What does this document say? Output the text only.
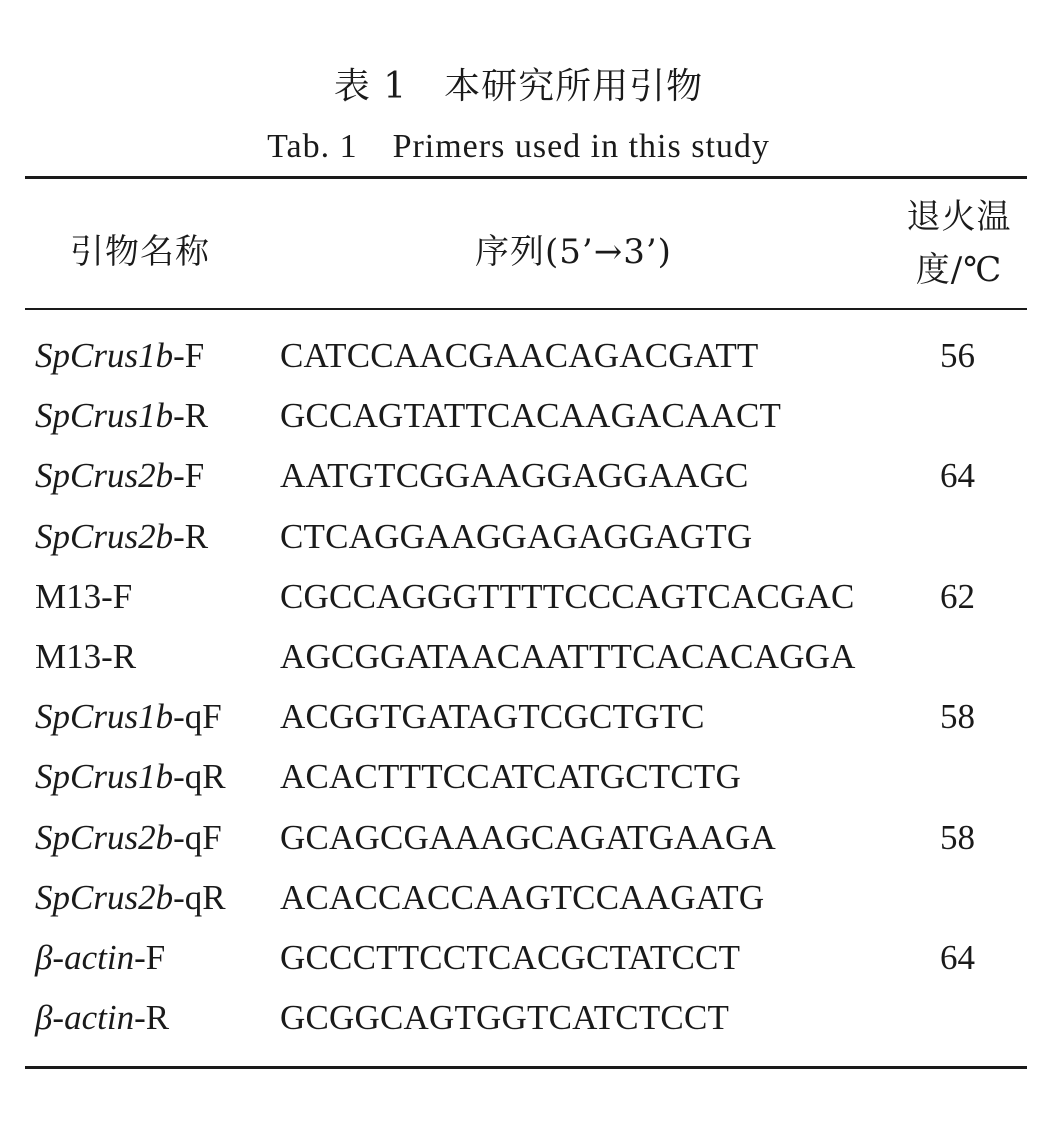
表 1　本研究所用引物
Tab. 1　Primers used in this study
引物名称	序列(5’→3’)
退火温
度/℃
SpCrus1b-F CATCCAACGAACAGACGATT	56
SpCrus1b-R GCCAGTATTCACAAGACAACT
SpCrus2b-F AATGTCGGAAGGAGGAAGC	64
SpCrus2b-R CTCAGGAAGGAGAGGAGTG
M13-F	CGCCAGGGTTTTCCCAGTCACGAC 62
M13-R	AGCGGATAACAATTTCACACAGGA
SpCrus1b-qF ACGGTGATAGTCGCTGTC	58
SpCrus1b-qR ACACTTTCCATCATGCTCTG
SpCrus2b-qF GCAGCGAAAGCAGATGAAGA	58
SpCrus2b-qR ACACCACCAAGTCCAAGATG
β-actin-F	GCCCTTCCTCACGCTATCCT	64
β-actin-R	GCGGCAGTGGTCATCTCCT
